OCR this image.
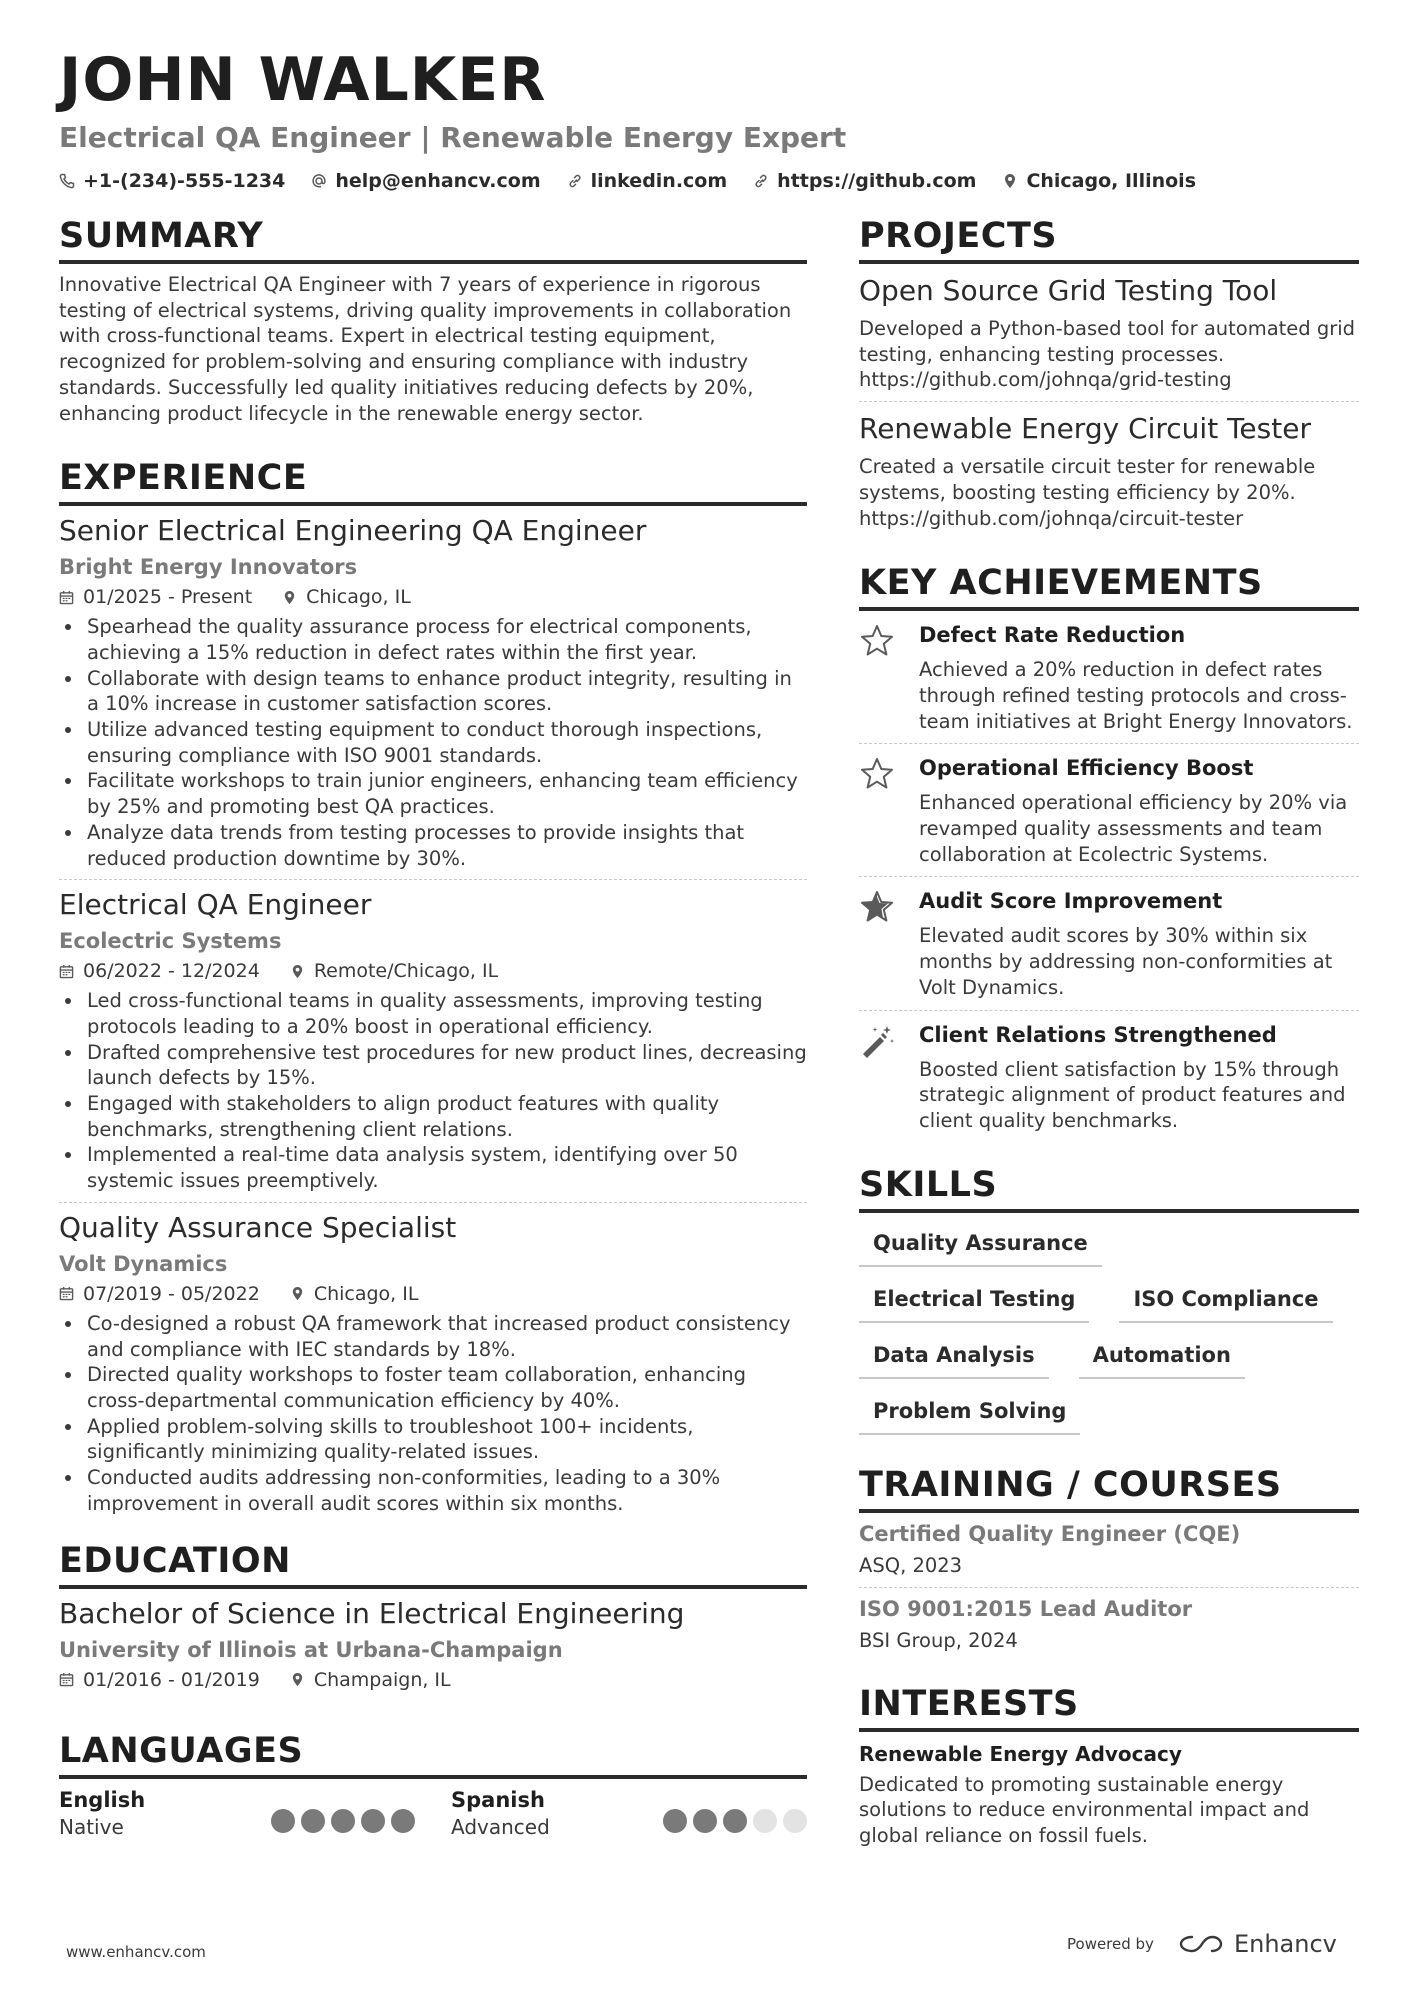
JOHN WALKER
Electrical QA Engineer | Renewable Energy Expert
+1-(234)-555-1234	help@enhancv.com	linkedin.com	https://github.com	Chicago, Illinois
SUMMARY
Innovative Electrical QA Engineer with 7 years of experience in rigorous testing of electrical systems, driving quality improvements in collaboration with cross-functional teams. Expert in electrical testing equipment, recognized for problem-solving and ensuring compliance with industry standards. Successfully led quality initiatives reducing defects by 20%, enhancing product lifecycle in the renewable energy sector.
EXPERIENCE
Senior Electrical Engineering QA Engineer
Bright Energy Innovators
01/2025 - Present	Chicago, IL
Spearhead the quality assurance process for electrical components, achieving a 15% reduction in defect rates within the first year.
Collaborate with design teams to enhance product integrity, resulting in a 10% increase in customer satisfaction scores.
Utilize advanced testing equipment to conduct thorough inspections, ensuring compliance with ISO 9001 standards.
Facilitate workshops to train junior engineers, enhancing team efficiency by 25% and promoting best QA practices.
Analyze data trends from testing processes to provide insights that reduced production downtime by 30%.
Electrical QA Engineer
Ecolectric Systems
06/2022 - 12/2024	Remote/Chicago, IL
Led cross-functional teams in quality assessments, improving testing protocols leading to a 20% boost in operational efficiency.
Drafted comprehensive test procedures for new product lines, decreasing launch defects by 15%.
Engaged with stakeholders to align product features with quality benchmarks, strengthening client relations.
Implemented a real-time data analysis system, identifying over 50 systemic issues preemptively.
Quality Assurance Specialist
Volt Dynamics
07/2019 - 05/2022	Chicago, IL
Co-designed a robust QA framework that increased product consistency and compliance with IEC standards by 18%.
Directed quality workshops to foster team collaboration, enhancing cross-departmental communication efficiency by 40%.
Applied problem-solving skills to troubleshoot 100+ incidents, significantly minimizing quality-related issues.
Conducted audits addressing non-conformities, leading to a 30% improvement in overall audit scores within six months.
EDUCATION
Bachelor of Science in Electrical Engineering
University of Illinois at Urbana-Champaign
01/2016 - 01/2019	Champaign, IL
LANGUAGES
English
Native
Spanish
Advanced
PROJECTS
Open Source Grid Testing Tool
Developed a Python-based tool for automated grid testing, enhancing testing processes. https://github.com/johnqa/grid-testing
Renewable Energy Circuit Tester
Created a versatile circuit tester for renewable systems, boosting testing efficiency by 20%. https://github.com/johnqa/circuit-tester
KEY ACHIEVEMENTS
Defect Rate Reduction
Achieved a 20% reduction in defect rates through refined testing protocols and cross-team initiatives at Bright Energy Innovators.
Operational Efficiency Boost
Enhanced operational efficiency by 20% via revamped quality assessments and team collaboration at Ecolectric Systems.
Audit Score Improvement
Elevated audit scores by 30% within six months by addressing non-conformities at Volt Dynamics.
Client Relations Strengthened
Boosted client satisfaction by 15% through strategic alignment of product features and client quality benchmarks.
SKILLS
Quality Assurance
Electrical Testing	ISO Compliance
Data Analysis	Automation
Problem Solving
TRAINING / COURSES
Certified Quality Engineer (CQE)
ASQ, 2023
ISO 9001:2015 Lead Auditor
BSI Group, 2024
INTERESTS
Renewable Energy Advocacy
Dedicated to promoting sustainable energy solutions to reduce environmental impact and global reliance on fossil fuels.
www.enhancv.com	Powered by	Enhancv
